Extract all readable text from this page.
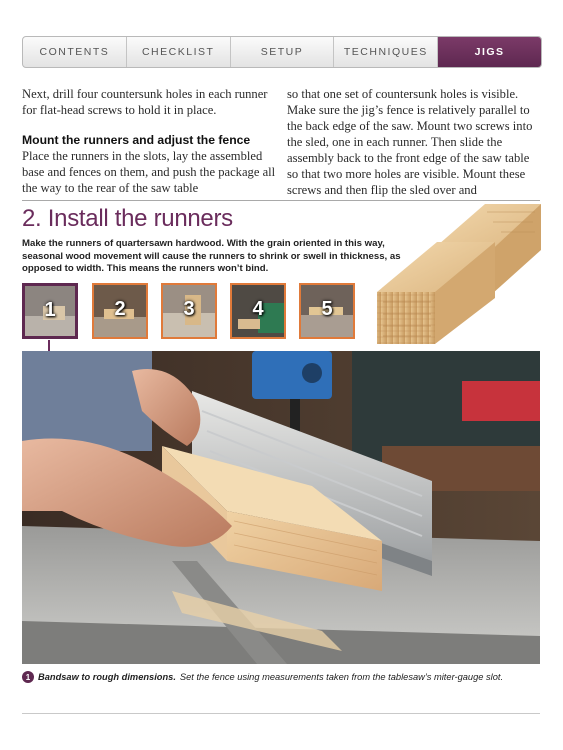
CONTENTS	CHECKLIST	SETUP	TECHNIQUES	JIGS

Next, drill four countersunk holes in each runner for flat-head screws to hold it in place.

Mount the runners and adjust the fence

Place the runners in the slots, lay the assembled base and fences on them, and push the package all the way to the rear of the saw table

so that one set of countersunk holes is visible. Make sure the jig’s fence is relatively parallel to the back edge of the saw. Mount two screws into the sled, one in each runner. Then slide the assembly back to the front edge of the saw table so that two more holes are visible. Mount these screws and then flip the sled over and

2. Install the runners
Make the runners of quartersawn hardwood. With the grain oriented in this way, seasonal wood movement will cause the runners to shrink or swell in thickness, as opposed to width. This means the runners won’t bind.
1	2	3	4	5
1 Bandsaw to rough dimensions. Set the fence using measurements taken from the tablesaw’s miter-gauge slot.
